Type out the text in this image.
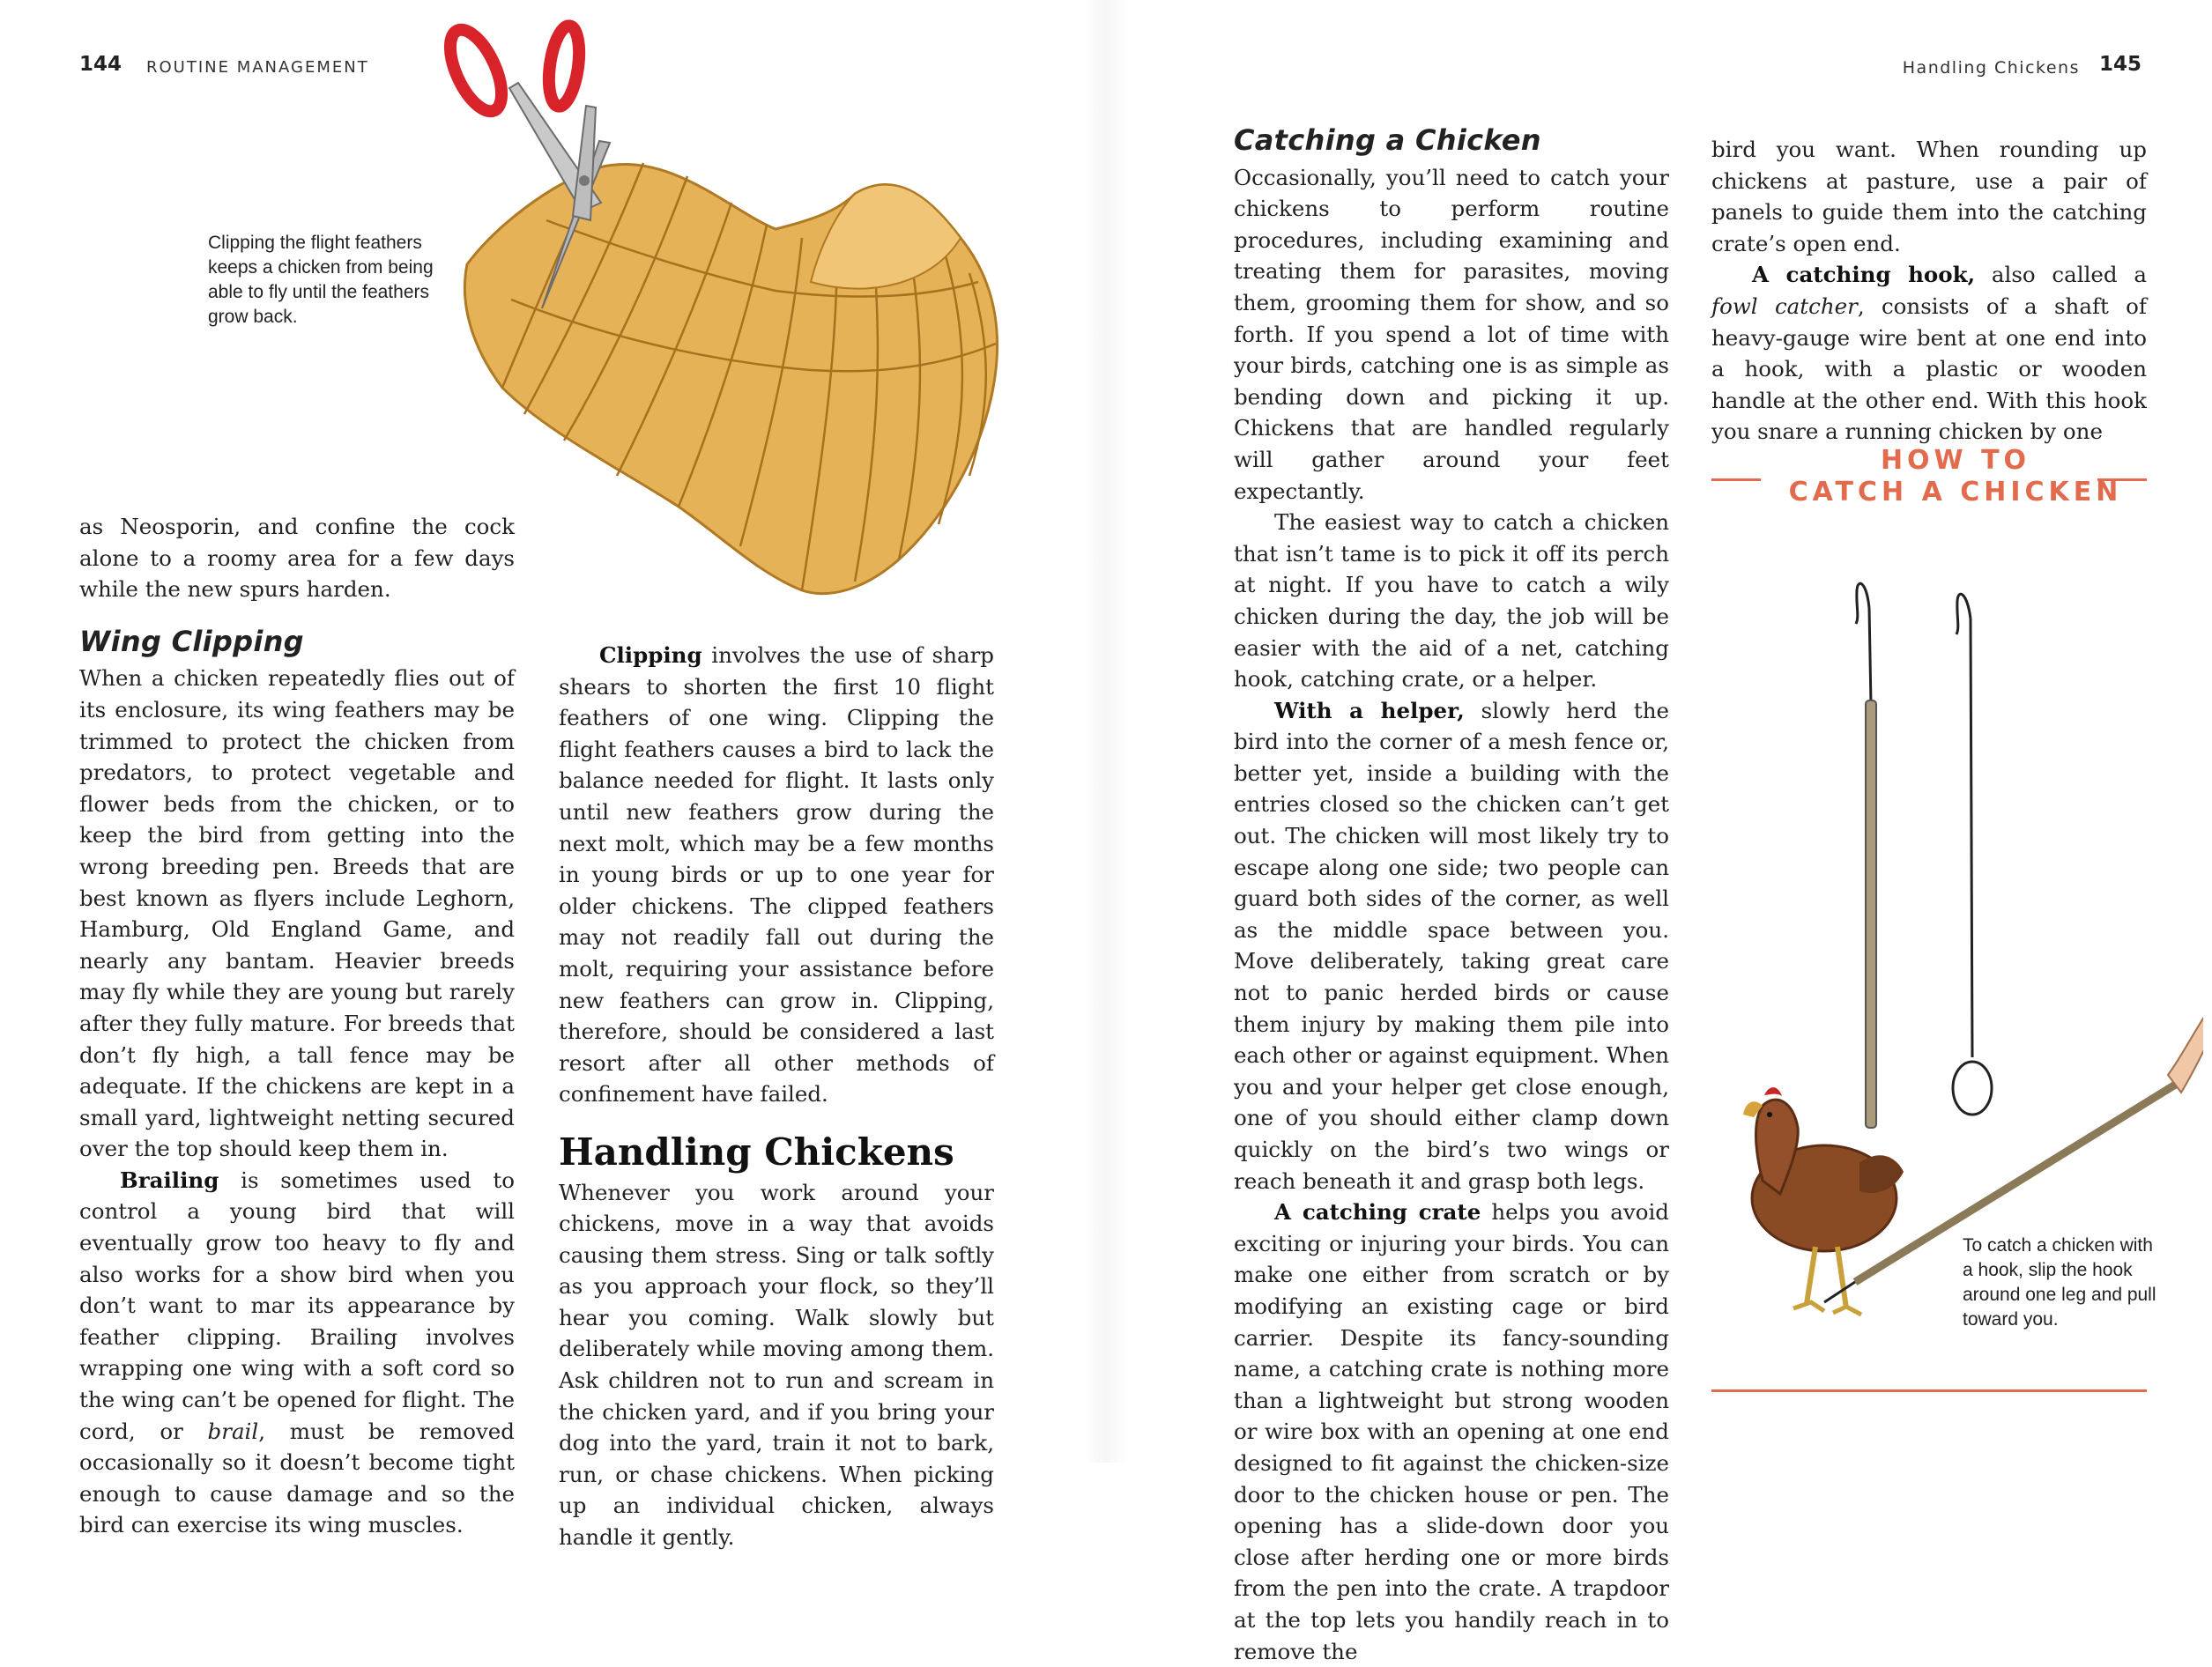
144 ROUTINE MANAGEMENT	Handling Chickens 145
Clipping the flight feathers keeps a chicken from being able to fly until the feathers grow back.

as Neosporin, and confine the cock alone to a roomy area for a few days while the new spurs harden.

Wing Clipping

When a chicken repeatedly flies out of its enclosure, its wing feathers may be trimmed to protect the chicken from predators, to protect vegetable and flower beds from the chicken, or to keep the bird from getting into the wrong breeding pen. Breeds that are best known as flyers include Leghorn, Hamburg, Old England Game, and nearly any bantam. Heavier breeds may fly while they are young but rarely after they fully mature. For breeds that don’t fly high, a tall fence may be adequate. If the chickens are kept in a small yard, lightweight netting secured over the top should keep them in.

Brailing is sometimes used to control a young bird that will eventually grow too heavy to fly and also works for a show bird when you don’t want to mar its appearance by feather clipping. Brailing involves wrapping one wing with a soft cord so the wing can’t be opened for flight. The cord, or brail, must be removed occasionally so it doesn’t become tight enough to cause damage and so the bird can exercise its wing muscles.

Clipping involves the use of sharp shears to shorten the first 10 flight feathers of one wing. Clipping the flight feathers causes a bird to lack the balance needed for flight. It lasts only until new feathers grow during the next molt, which may be a few months in young birds or up to one year for older chickens. The clipped feathers may not readily fall out during the molt, requiring your assistance before new feathers can grow in. Clipping, therefore, should be considered a last resort after all other methods of confinement have failed.

Handling Chickens

Whenever you work around your chickens, move in a way that avoids causing them stress. Sing or talk softly as you approach your flock, so they’ll hear you coming. Walk slowly but deliberately while moving among them. Ask children not to run and scream in the chicken yard, and if you bring your dog into the yard, train it not to bark, run, or chase chickens. When picking up an individual chicken, always handle it gently.

Catching a Chicken

Occasionally, you’ll need to catch your chickens to perform routine procedures, including examining and treating them for parasites, moving them, grooming them for show, and so forth. If you spend a lot of time with your birds, catching one is as simple as bending down and picking it up. Chickens that are handled regularly will gather around your feet expectantly.

The easiest way to catch a chicken that isn’t tame is to pick it off its perch at night. If you have to catch a wily chicken during the day, the job will be easier with the aid of a net, catching hook, catching crate, or a helper.

With a helper, slowly herd the bird into the corner of a mesh fence or, better yet, inside a building with the entries closed so the chicken can’t get out. The chicken will most likely try to escape along one side; two people can guard both sides of the corner, as well as the middle space between you. Move deliberately, taking great care not to panic herded birds or cause them injury by making them pile into each other or against equipment. When you and your helper get close enough, one of you should either clamp down quickly on the bird’s two wings or reach beneath it and grasp both legs.

A catching crate helps you avoid exciting or injuring your birds. You can make one either from scratch or by modifying an existing cage or bird carrier. Despite its fancy-sounding name, a catching crate is nothing more than a lightweight but strong wooden or wire box with an opening at one end designed to fit against the chicken-size door to the chicken house or pen. The opening has a slide-down door you close after herding one or more birds from the pen into the crate. A trapdoor at the top lets you handily reach in to remove the

bird you want. When rounding up chickens at pasture, use a pair of panels to guide them into the catching crate’s open end.

A catching hook, also called a fowl catcher, consists of a shaft of heavy-gauge wire bent at one end into a hook, with a plastic or wooden handle at the other end. With this hook you snare a running chicken by one

HOW TO
CATCH A CHICKEN
To catch a chicken with a hook, slip the hook around one leg and pull toward you.
